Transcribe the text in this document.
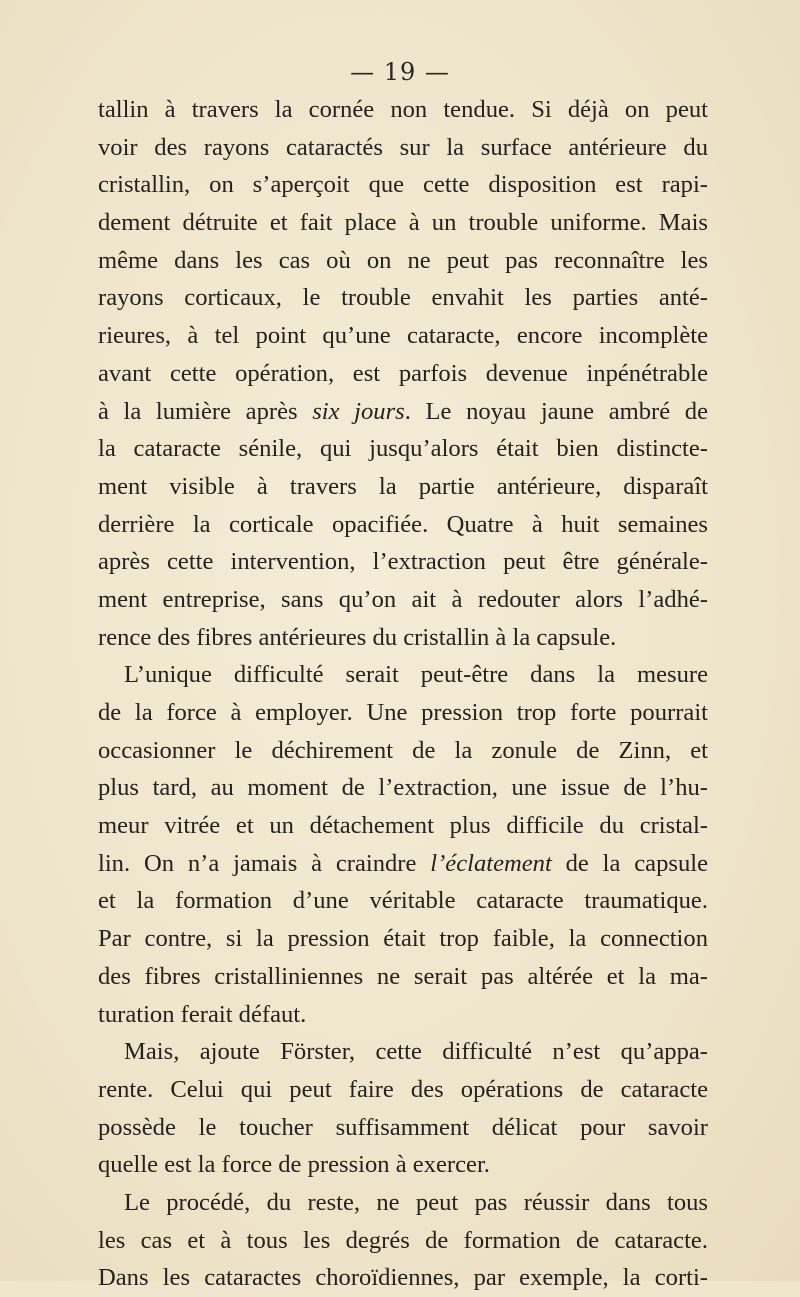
— 19 —
tallin à travers la cornée non tendue. Si déjà on peut
voir des rayons cataractés sur la surface antérieure du
cristallin, on s’aperçoit que cette disposition est rapi-
dement détruite et fait place à un trouble uniforme. Mais
même dans les cas où on ne peut pas reconnaître les
rayons corticaux, le trouble envahit les parties anté-
rieures, à tel point qu’une cataracte, encore incomplète
avant cette opération, est parfois devenue inpénétrable
à la lumière après six jours. Le noyau jaune ambré de
la cataracte sénile, qui jusqu’alors était bien distincte-
ment visible à travers la partie antérieure, disparaît
derrière la corticale opacifiée. Quatre à huit semaines
après cette intervention, l’extraction peut être générale-
ment entreprise, sans qu’on ait à redouter alors l’adhé-
rence des fibres antérieures du cristallin à la capsule.
L’unique difficulté serait peut-être dans la mesure
de la force à employer. Une pression trop forte pourrait
occasionner le déchirement de la zonule de Zinn, et
plus tard, au moment de l’extraction, une issue de l’hu-
meur vitrée et un détachement plus difficile du cristal-
lin. On n’a jamais à craindre l’éclatement de la capsule
et la formation d’une véritable cataracte traumatique.
Par contre, si la pression était trop faible, la connection
des fibres cristalliniennes ne serait pas altérée et la ma-
turation ferait défaut.
Mais, ajoute Förster, cette difficulté n’est qu’appa-
rente. Celui qui peut faire des opérations de cataracte
possède le toucher suffisamment délicat pour savoir
quelle est la force de pression à exercer.
Le procédé, du reste, ne peut pas réussir dans tous
les cas et à tous les degrés de formation de cataracte.
Dans les cataractes choroïdiennes, par exemple, la corti-
